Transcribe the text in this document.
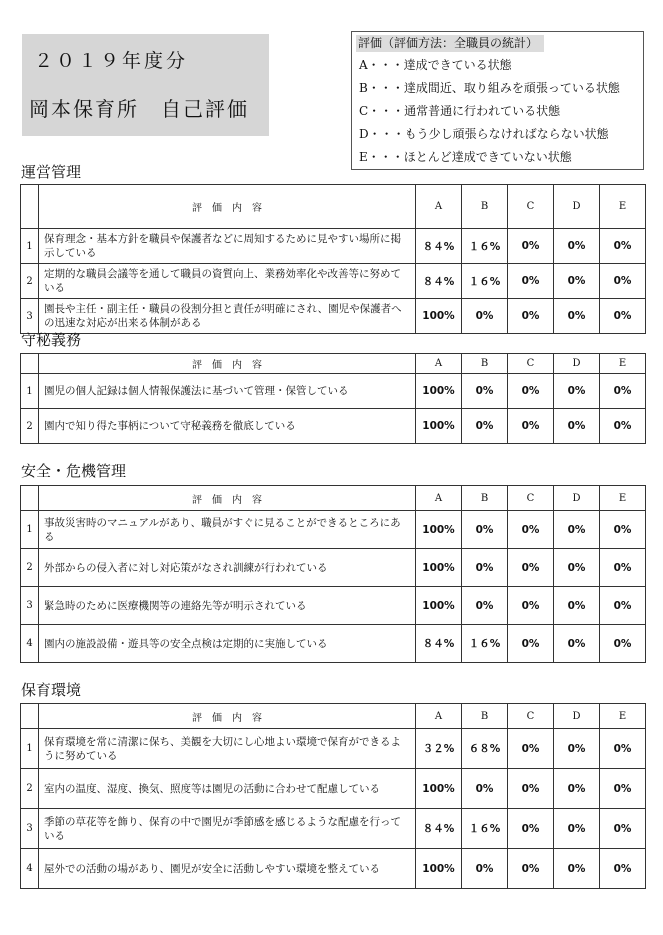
２０１９年度分
岡本保育所　自己評価
評価（評価方法：全職員の統計）
A・・・達成できている状態
B・・・達成間近、取り組みを頑張っている状態
C・・・通常普通に行われている状態
D・・・もう少し頑張らなければならない状態
E・・・ほとんど達成できていない状態
運営管理
	評　価　内　容	A	B	C	D	E
1	保育理念・基本方針を職員や保護者などに周知するために見やすい場所に掲示している	８４%	１６%	0%	0%	0%
2	定期的な職員会議等を通して職員の資質向上、業務効率化や改善等に努めている	８４%	１６%	0%	0%	0%
3	園長や主任・副主任・職員の役割分担と責任が明確にされ、園児や保護者への迅速な対応が出来る体制がある	100%	0%	0%	0%	0%
守秘義務
	評　価　内　容	A	B	C	D	E
1	園児の個人記録は個人情報保護法に基づいて管理・保管している	100%	0%	0%	0%	0%
2	園内で知り得た事柄について守秘義務を徹底している	100%	0%	0%	0%	0%
安全・危機管理
	評　価　内　容	A	B	C	D	E
1	事故災害時のマニュアルがあり、職員がすぐに見ることができるところにある	100%	0%	0%	0%	0%
2	外部からの侵入者に対し対応策がなされ訓練が行われている	100%	0%	0%	0%	0%
3	緊急時のために医療機関等の連絡先等が明示されている	100%	0%	0%	0%	0%
4	園内の施設設備・遊具等の安全点検は定期的に実施している	８４%	１６%	0%	0%	0%
保育環境
	評　価　内　容	A	B	C	D	E
1	保育環境を常に清潔に保ち、美観を大切にし心地よい環境で保育ができるように努めている	３２%	６８%	0%	0%	0%
2	室内の温度、湿度、換気、照度等は園児の活動に合わせて配慮している	100%	0%	0%	0%	0%
3	季節の草花等を飾り、保育の中で園児が季節感を感じるような配慮を行っている	８４%	１６%	0%	0%	0%
4	屋外での活動の場があり、園児が安全に活動しやすい環境を整えている	100%	0%	0%	0%	0%
